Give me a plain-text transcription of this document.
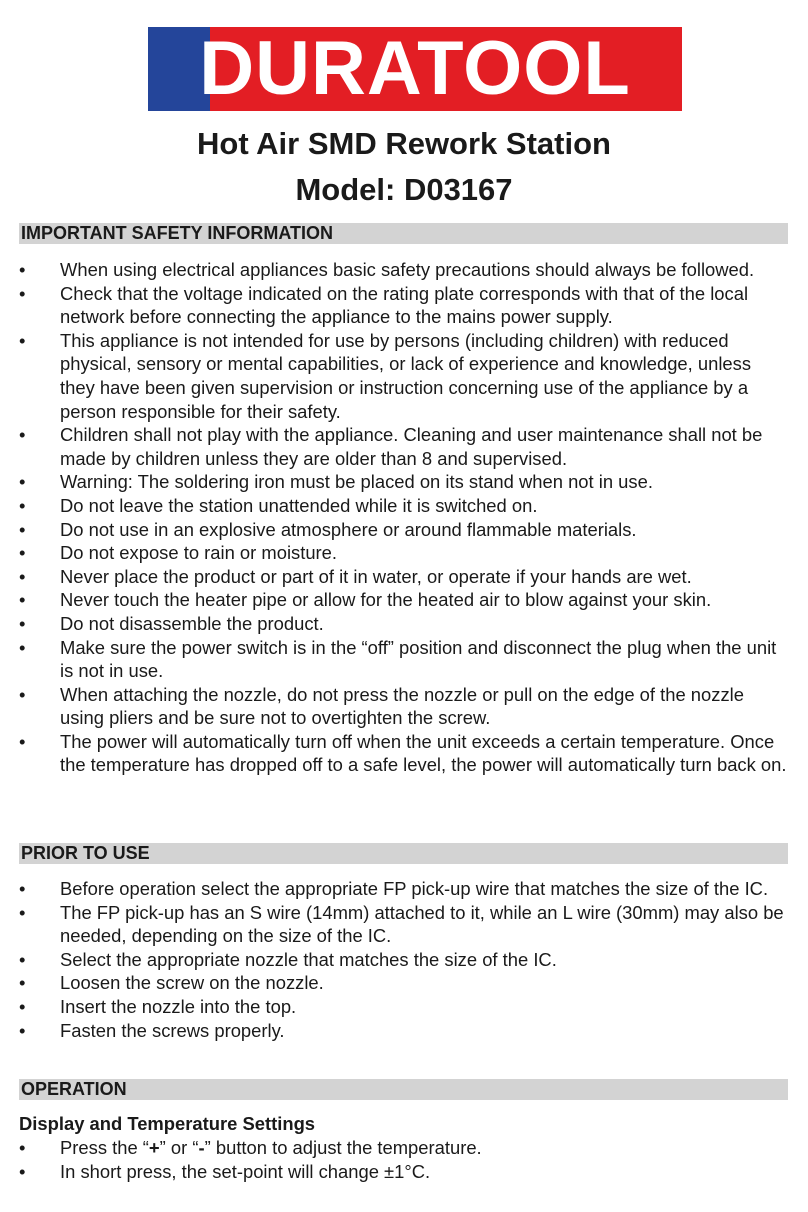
DURATOOL
Hot Air SMD Rework Station
Model: D03167
IMPORTANT SAFETY INFORMATION
•	When using electrical appliances basic safety precautions should always be followed.
•	Check that the voltage indicated on the rating plate corresponds with that of the local network before connecting the appliance to the mains power supply.
•	This appliance is not intended for use by persons (including children) with reduced physical, sensory or mental capabilities, or lack of experience and knowledge, unless they have been given supervision or instruction concerning use of the appliance by a person responsible for their safety.
•	Children shall not play with the appliance. Cleaning and user maintenance shall not be made by children unless they are older than 8 and supervised.
•	Warning: The soldering iron must be placed on its stand when not in use.
•	Do not leave the station unattended while it is switched on.
•	Do not use in an explosive atmosphere or around flammable materials.
•	Do not expose to rain or moisture.
•	Never place the product or part of it in water, or operate if your hands are wet.
•	Never touch the heater pipe or allow for the heated air to blow against your skin.
•	Do not disassemble the product.
•	Make sure the power switch is in the “off” position and disconnect the plug when the unit is not in use.
•	When attaching the nozzle, do not press the nozzle or pull on the edge of the nozzle using pliers and be sure not to overtighten the screw.
•	The power will automatically turn off when the unit exceeds a certain temperature. Once the temperature has dropped off to a safe level, the power will automatically turn back on.
PRIOR TO USE
•	Before operation select the appropriate FP pick-up wire that matches the size of the IC.
•	The FP pick-up has an S wire (14mm) attached to it, while an L wire (30mm) may also be needed, depending on the size of the IC.
•	Select the appropriate nozzle that matches the size of the IC.
•	Loosen the screw on the nozzle.
•	Insert the nozzle into the top.
•	Fasten the screws properly.
OPERATION
Display and Temperature Settings
•	Press the “+” or “-” button to adjust the temperature.
•	In short press, the set-point will change ±1°C.
